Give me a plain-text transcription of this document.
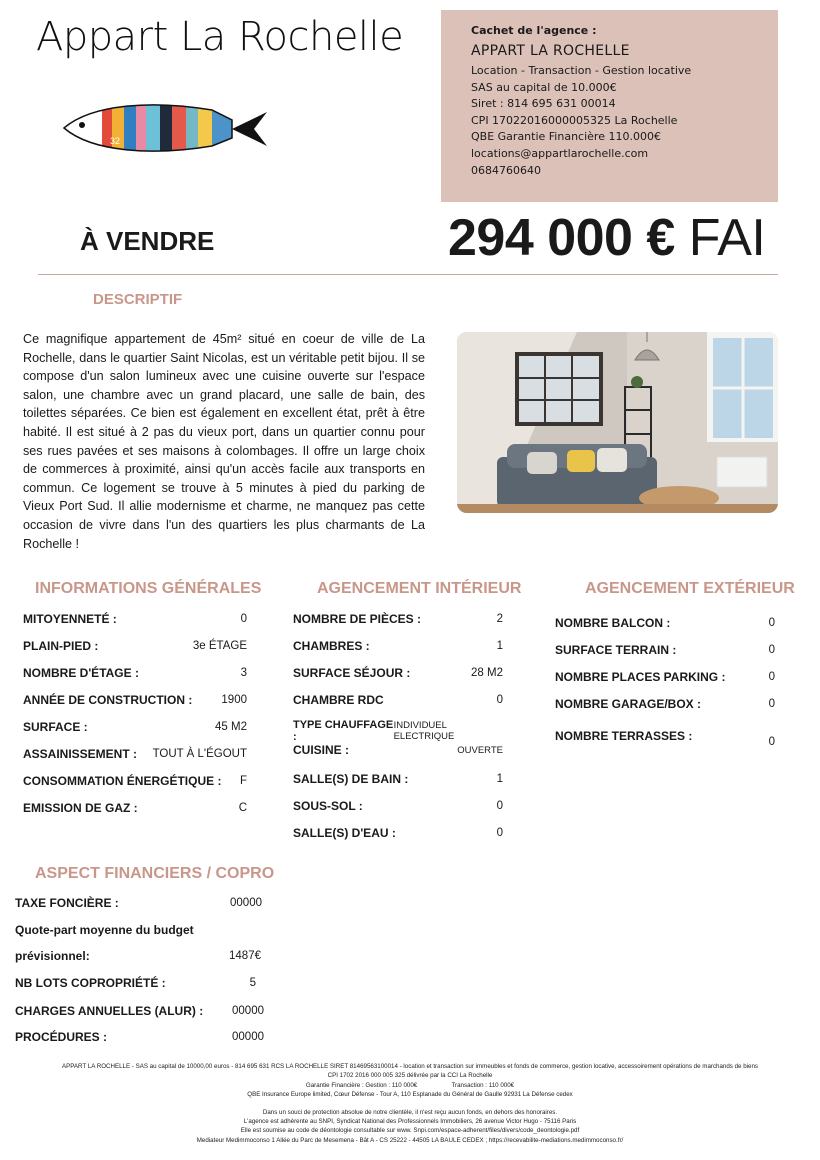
Appart La Rochelle
32
Cachet de l'agence :
APPART LA ROCHELLE
Location - Transaction - Gestion locative
SAS au capital de 10.000€
Siret : 814 695 631 00014
CPI 17022016000005325 La Rochelle
QBE Garantie Financière 110.000€
locations@appartlarochelle.com
0684760640
À VENDRE	294 000 € FAI
DESCRIPTIF
Ce magnifique appartement de 45m² situé en coeur de ville de La Rochelle, dans le quartier Saint Nicolas, est un véritable petit bijou. Il se compose d'un salon lumineux avec une cuisine ouverte sur l'espace salon, une chambre avec un grand placard, une salle de bain, des toilettes séparées. Ce bien est également en excellent état, prêt à être habité. Il est situé à 2 pas du vieux port, dans un quartier connu pour ses rues pavées et ses maisons à colombages. Il offre un large choix de commerces à proximité, ainsi qu'un accès facile aux transports en commun. Ce logement se trouve à 5 minutes à pied du parking de Vieux Port Sud. Il allie modernisme et charme, ne manquez pas cette occasion de vivre dans l'un des quartiers les plus charmants de La Rochelle !
INFORMATIONS GÉNÉRALES	AGENCEMENT INTÉRIEUR	AGENCEMENT EXTÉRIEUR
MITOYENNETÉ :	0
PLAIN-PIED :	3e ÉTAGE
NOMBRE D'ÉTAGE :	3
ANNÉE DE CONSTRUCTION :	1900
SURFACE :	45 M2
ASSAINISSEMENT : TOUT À L'ÉGOUT
CONSOMMATION ÉNERGÉTIQUE : F
EMISSION DE GAZ :	C
NOMBRE DE PIÈCES :	2
CHAMBRES :	1
SURFACE SÉJOUR :	28 M2
CHAMBRE RDC	0
TYPE CHAUFFAGE :
INDIVIDUEL ELECTRIQUE
CUISINE :	OUVERTE
SALLE(S) DE BAIN :	1
SOUS-SOL :	0
SALLE(S) D'EAU :	0
NOMBRE BALCON :	0
SURFACE TERRAIN :	0
NOMBRE PLACES PARKING :	0
NOMBRE GARAGE/BOX :	0
NOMBRE TERRASSES :	0
ASPECT FINANCIERS / COPRO
TAXE FONCIÈRE :	00000
Quote-part moyenne du budget
prévisionnel:	1487€
NB LOTS COPROPRIÉTÉ :	5
CHARGES ANNUELLES (ALUR) :	00000
PROCÉDURES :	00000
APPART LA ROCHELLE - SAS au capital de 10000,00 euros - 814 695 631 RCS LA ROCHELLE SIRET 81469563100014 - location et transaction sur immeubles et fonds de commerce, gestion locative, accessoirement opérations de marchands de biens
CPI 1702 2016 000 005 325 délivrée par la CCI La Rochelle
Garantie Financière : Gestion : 110 000€                    Transaction : 110 000€
QBE Insurance Europe limited, Cœur Défense - Tour A, 110 Esplanade du Général de Gaulle 92931 La Défense cedex
Dans un souci de protection absolue de notre clientèle, il n'est reçu aucun fonds, en dehors des honoraires.
L'agence est adhérente au SNPI, Syndicat National des Professionnels Immobiliers, 26 avenue Victor Hugo - 75116 Paris
Elle est soumise au code de déontologie consultable sur www. Snpi.com/espace-adherent/files/divers/code_deontologie.pdf
Mediateur Medimmoconso 1 Allée du Parc de Mesemena - Bât A - CS 25222 - 44505 LA BAULE CEDEX ; https://recevabilite-mediations.medimmoconso.fr/
